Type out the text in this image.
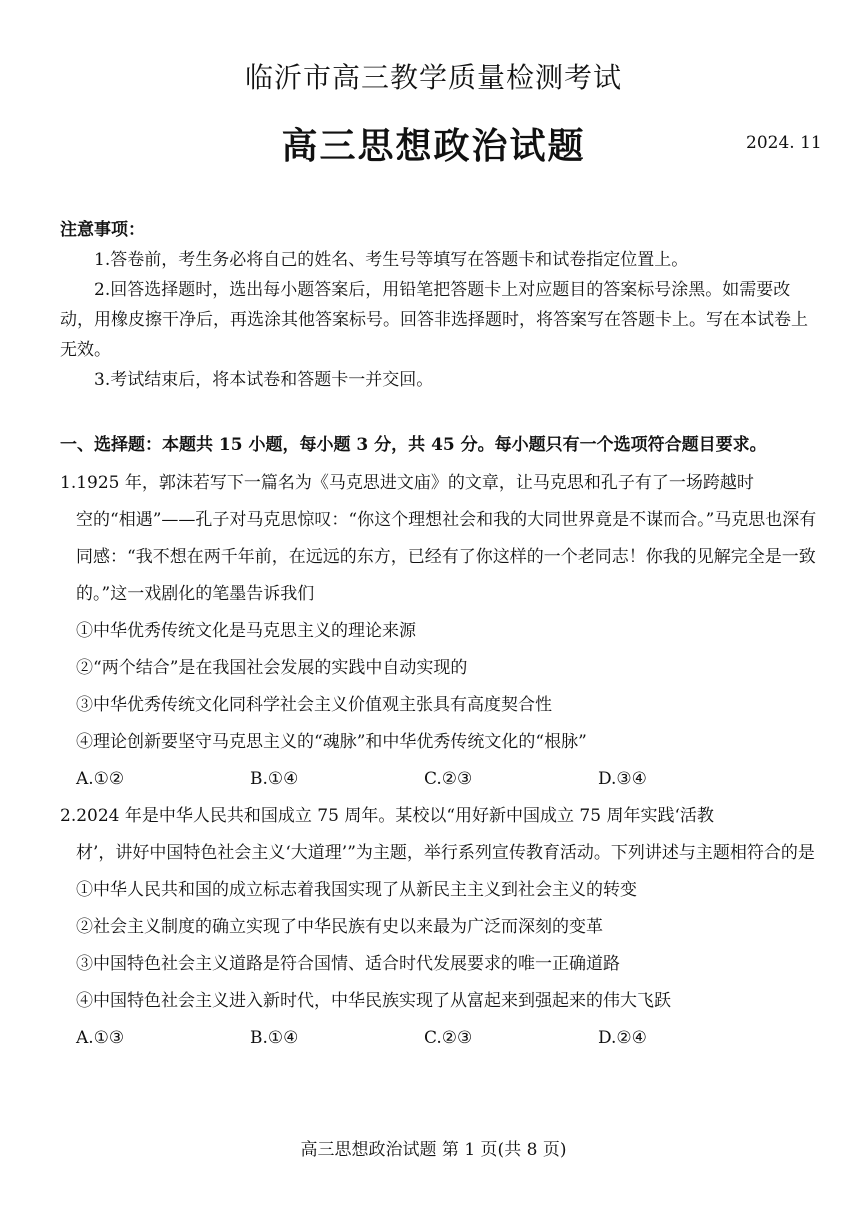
临沂市高三教学质量检测考试
高三思想政治试题	2024. 11
注意事项：

1.答卷前，考生务必将自己的姓名、考生号等填写在答题卡和试卷指定位置上。

2.回答选择题时，选出每小题答案后，用铅笔把答题卡上对应题目的答案标号涂黑。如需要改动，用橡皮擦干净后，再选涂其他答案标号。回答非选择题时，将答案写在答题卡上。写在本试卷上无效。

3.考试结束后，将本试卷和答题卡一并交回。

一、选择题：本题共 15 小题，每小题 3 分，共 45 分。每小题只有一个选项符合题目要求。

1.1925 年，郭沫若写下一篇名为《马克思进文庙》的文章，让马克思和孔子有了一场跨越时

空的“相遇”——孔子对马克思惊叹：“你这个理想社会和我的大同世界竟是不谋而合。”马克思也深有同感：“我不想在两千年前，在远远的东方，已经有了你这样的一个老同志！你我的见解完全是一致的。”这一戏剧化的笔墨告诉我们

①中华优秀传统文化是马克思主义的理论来源

②“两个结合”是在我国社会发展的实践中自动实现的

③中华优秀传统文化同科学社会主义价值观主张具有高度契合性

④理论创新要坚守马克思主义的“魂脉”和中华优秀传统文化的“根脉”

A.①②	B.①④	C.②③	D.③④

2.2024 年是中华人民共和国成立 75 周年。某校以“用好新中国成立 75 周年实践‘活教

材’，讲好中国特色社会主义‘大道理’”为主题，举行系列宣传教育活动。下列讲述与主题相符合的是

①中华人民共和国的成立标志着我国实现了从新民主主义到社会主义的转变

②社会主义制度的确立实现了中华民族有史以来最为广泛而深刻的变革

③中国特色社会主义道路是符合国情、适合时代发展要求的唯一正确道路

④中国特色社会主义进入新时代，中华民族实现了从富起来到强起来的伟大飞跃

A.①③	B.①④	C.②③	D.②④
高三思想政治试题 第 1 页(共 8 页)
